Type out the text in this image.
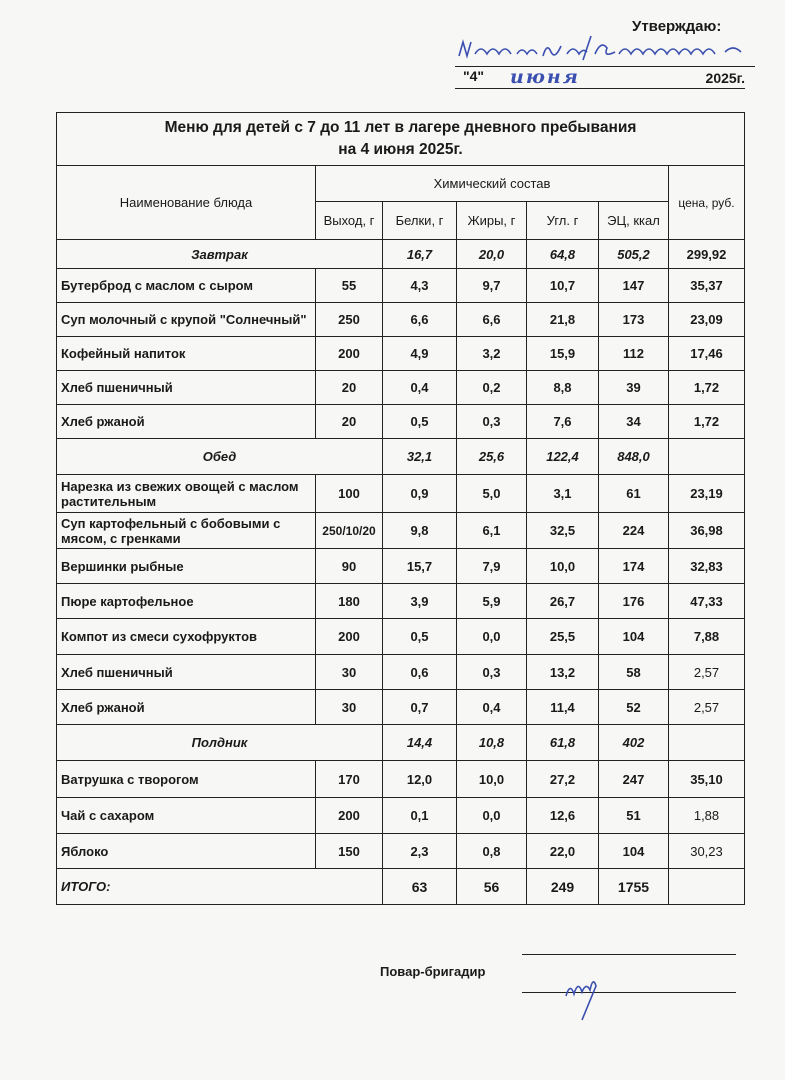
Утверждаю:
"4" июня	2025г.
Меню для детей с 7 до 11 лет в лагере дневного пребывания
на 4 июня 2025г.						

Наименование блюда	Химический состав					цена, руб.
	Выход, г	Белки, г	Жиры, г	Угл. г	ЭЦ, ккал	
Завтрак		16,7	20,0	64,8	505,2	299,92
Бутерброд с маслом с сыром	55	4,3	9,7	10,7	147	35,37
Суп молочный с крупой "Солнечный"	250	6,6	6,6	21,8	173	23,09
Кофейный напиток	200	4,9	3,2	15,9	112	17,46
Хлеб пшеничный	20	0,4	0,2	8,8	39	1,72
Хлеб ржаной	20	0,5	0,3	7,6	34	1,72
Обед		32,1	25,6	122,4	848,0	
Нарезка из свежих овощей с маслом растительным	100	0,9	5,0	3,1	61	23,19
Суп картофельный с бобовыми с мясом, с гренками	250/10/20	9,8	6,1	32,5	224	36,98
Вершинки рыбные	90	15,7	7,9	10,0	174	32,83
Пюре картофельное	180	3,9	5,9	26,7	176	47,33
Компот из смеси сухофруктов	200	0,5	0,0	25,5	104	7,88
Хлеб пшеничный	30	0,6	0,3	13,2	58	2,57
Хлеб ржаной	30	0,7	0,4	11,4	52	2,57
Полдник		14,4	10,8	61,8	402	
Ватрушка с творогом	170	12,0	10,0	27,2	247	35,10
Чай с сахаром	200	0,1	0,0	12,6	51	1,88
Яблоко	150	2,3	0,8	22,0	104	30,23
ИТОГО:		63	56	249	1755	
Повар-бригадир
